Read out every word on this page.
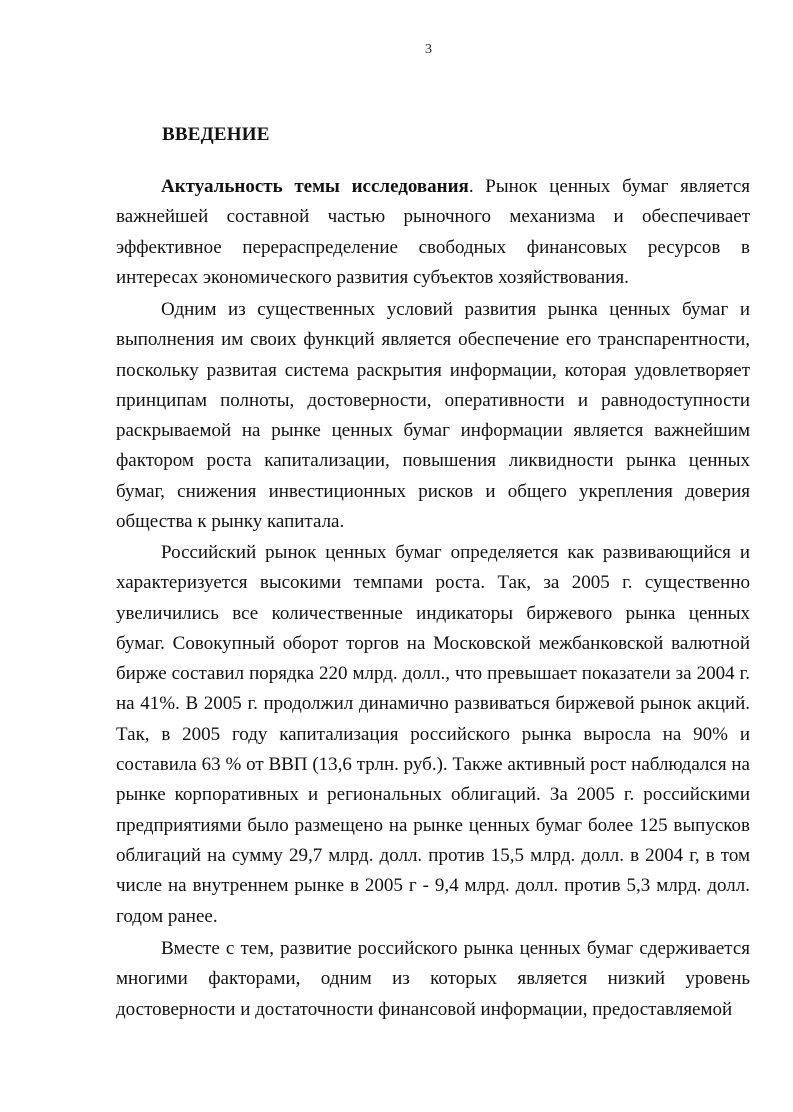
3
ВВЕДЕНИЕ

Актуальность темы исследования. Рынок ценных бумаг является важнейшей составной частью рыночного механизма и обеспечивает эффективное перераспределение свободных финансовых ресурсов в интересах экономического развития субъектов хозяйствования.

Одним из существенных условий развития рынка ценных бумаг и выполнения им своих функций является обеспечение его транспарентности, поскольку развитая система раскрытия информации, которая удовлетворяет принципам полноты, достоверности, оперативности и равнодоступности раскрываемой на рынке ценных бумаг информации является важнейшим фактором роста капитализации, повышения ликвидности рынка ценных бумаг, снижения инвестиционных рисков и общего укрепления доверия общества к рынку капитала.

Российский рынок ценных бумаг определяется как развивающийся и характеризуется высокими темпами роста. Так, за 2005 г. существенно увеличились все количественные индикаторы биржевого рынка ценных бумаг. Совокупный оборот торгов на Московской межбанковской валютной бирже составил порядка 220 млрд. долл., что превышает показатели за 2004 г. на 41%. В 2005 г. продолжил динамично развиваться биржевой рынок акций. Так, в 2005 году капитализация российского рынка выросла на 90% и составила 63 % от ВВП (13,6 трлн. руб.). Также активный рост наблюдался на рынке корпоративных и региональных облигаций. За 2005 г. российскими предприятиями было размещено на рынке ценных бумаг более 125 выпусков облигаций на сумму 29,7 млрд. долл. против 15,5 млрд. долл. в 2004 г, в том числе на внутреннем рынке в 2005 г - 9,4 млрд. долл. против 5,3 млрд. долл. годом ранее.

Вместе с тем, развитие российского рынка ценных бумаг сдерживается многими факторами, одним из которых является низкий уровень достоверности и достаточности финансовой информации, предоставляемой
